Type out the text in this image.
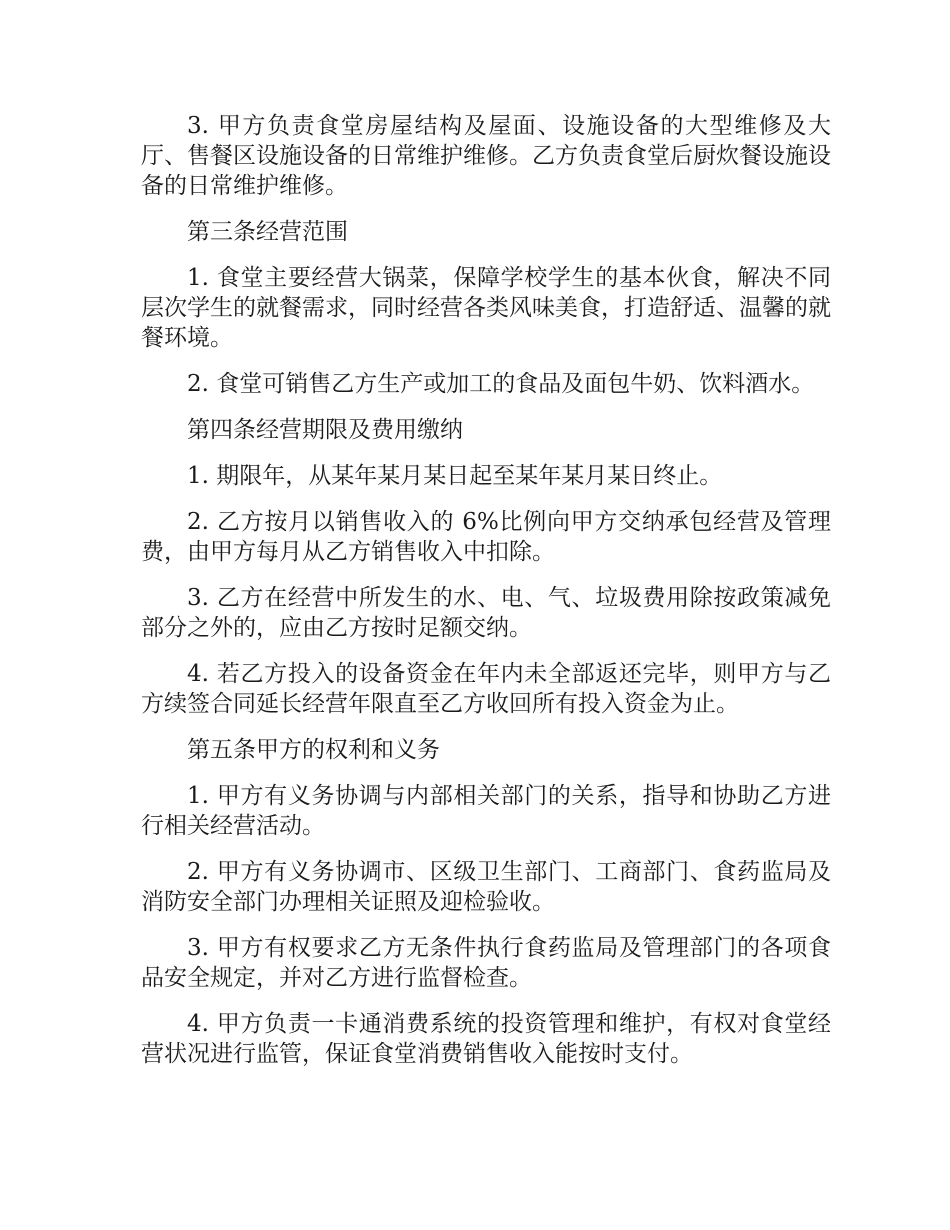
3. 甲方负责食堂房屋结构及屋面、设施设备的大型维修及大厅、售餐区设施设备的日常维护维修。乙方负责食堂后厨炊餐设施设备的日常维护维修。

第三条经营范围

1. 食堂主要经营大锅菜，保障学校学生的基本伙食，解决不同层次学生的就餐需求，同时经营各类风味美食，打造舒适、温馨的就餐环境。

2. 食堂可销售乙方生产或加工的食品及面包牛奶、饮料酒水。

第四条经营期限及费用缴纳

1. 期限年，从某年某月某日起至某年某月某日终止。

2. 乙方按月以销售收入的 6%比例向甲方交纳承包经营及管理费，由甲方每月从乙方销售收入中扣除。

3. 乙方在经营中所发生的水、电、气、垃圾费用除按政策减免部分之外的，应由乙方按时足额交纳。

4. 若乙方投入的设备资金在年内未全部返还完毕，则甲方与乙方续签合同延长经营年限直至乙方收回所有投入资金为止。

第五条甲方的权利和义务

1. 甲方有义务协调与内部相关部门的关系，指导和协助乙方进行相关经营活动。

2. 甲方有义务协调市、区级卫生部门、工商部门、食药监局及消防安全部门办理相关证照及迎检验收。

3. 甲方有权要求乙方无条件执行食药监局及管理部门的各项食品安全规定，并对乙方进行监督检查。

4. 甲方负责一卡通消费系统的投资管理和维护，有权对食堂经营状况进行监管，保证食堂消费销售收入能按时支付。
